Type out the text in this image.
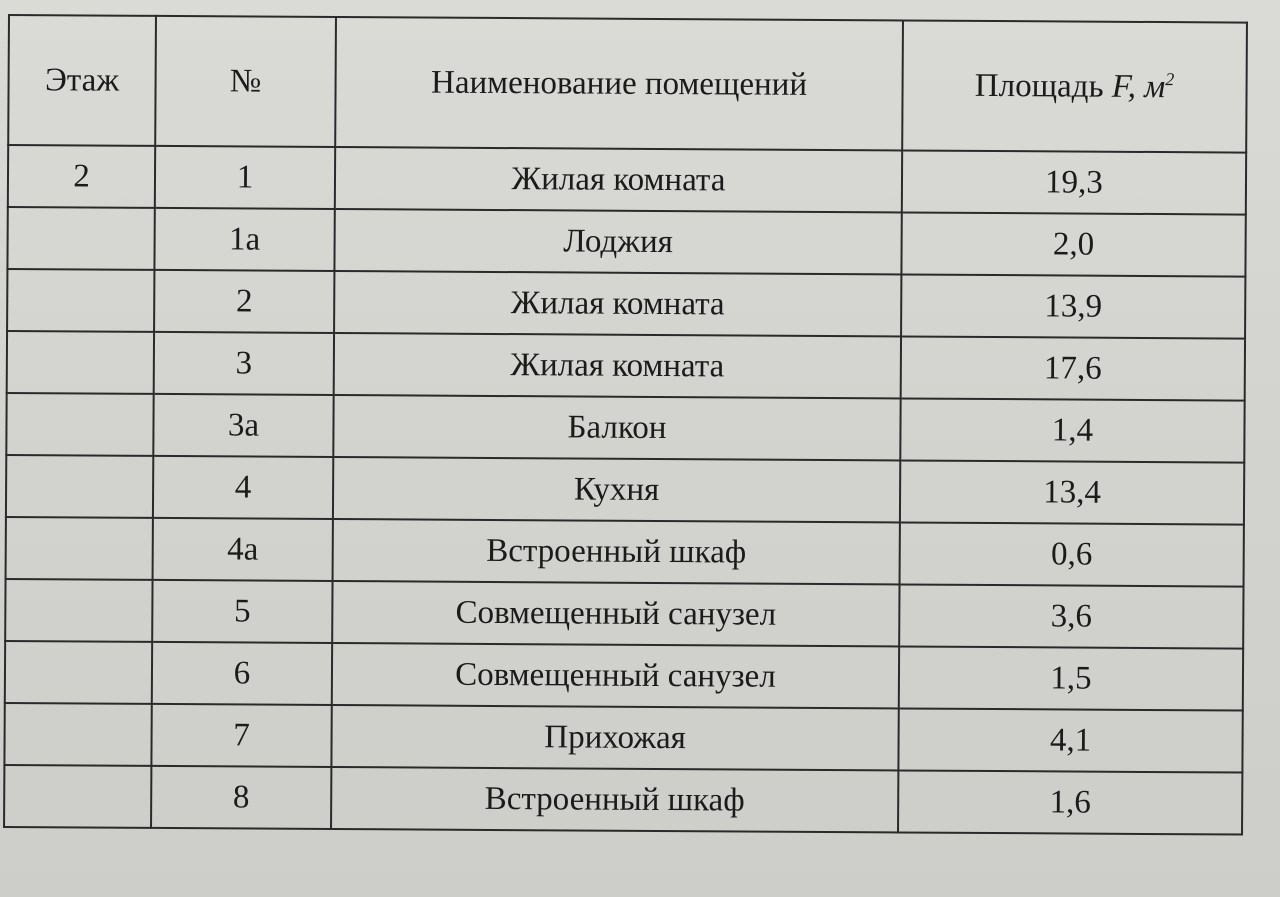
Этаж	№	Наименование помещений	Площадь F, $м^2$
2	1	Жилая комната	19,3
	1а	Лоджия	2,0
	2	Жилая комната	13,9
	3	Жилая комната	17,6
	3а	Балкон	1,4
	4	Кухня	13,4
	4а	Встроенный шкаф	0,6
	5	Совмещенный санузел	3,6
	6	Совмещенный санузел	1,5
	7	Прихожая	4,1
	8	Встроенный шкаф	1,6
